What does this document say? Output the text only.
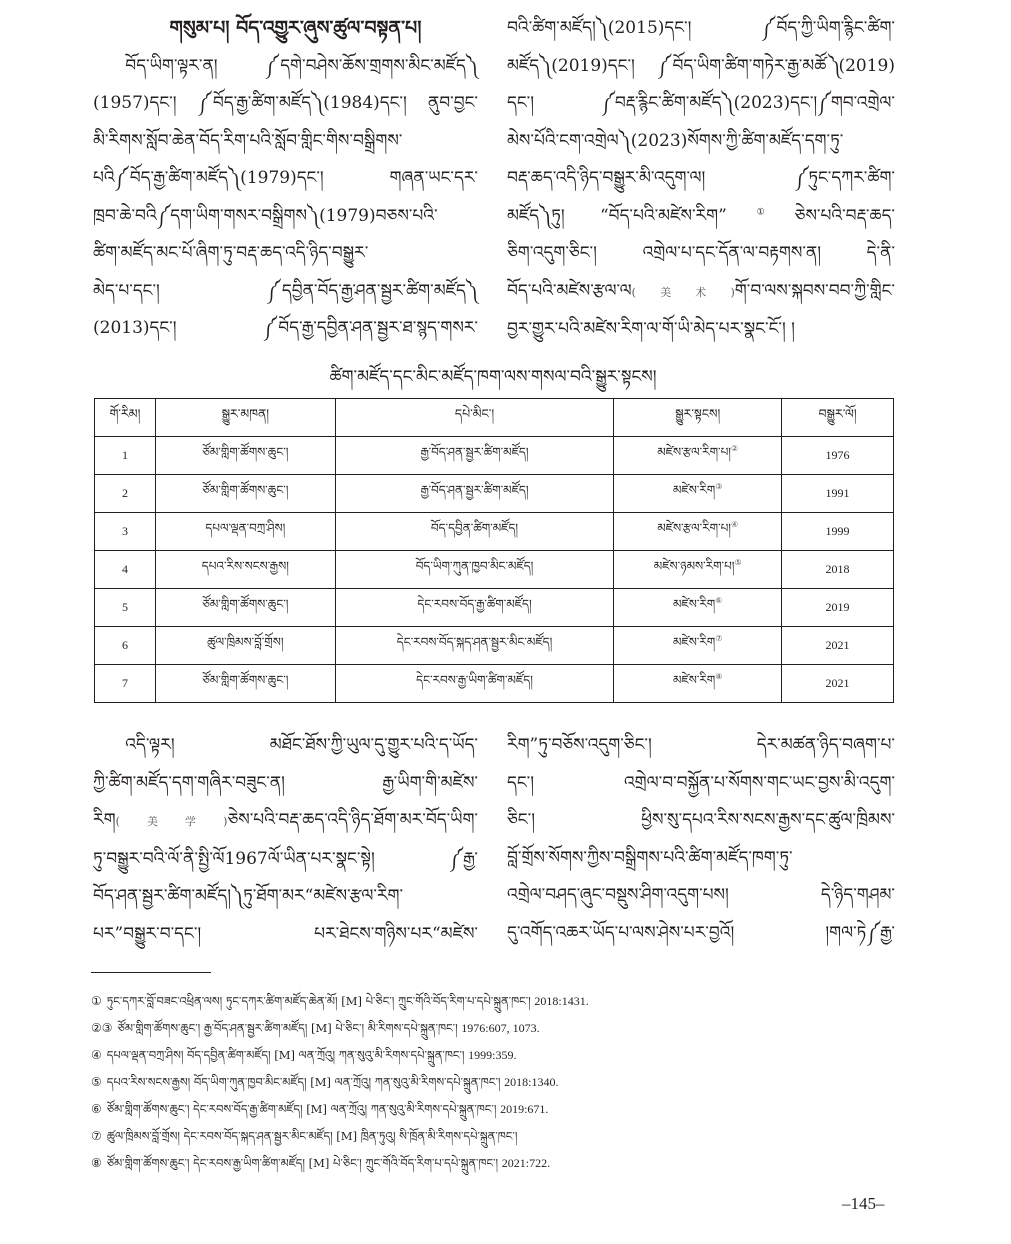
གསུམ་པ། བོད་འགྱུར་ཞུས་ཚུལ་བསྟན་པ།

བོད་ཡིག་ལྟར་ན། ༼དགེ་བཤེས་ཆོས་གྲགས་མིང་མཛོད༽

(1957)དང་། ༼བོད་རྒྱ་ཚིག་མཛོད༽(1984)དང་། ནུབ་བྱང་

མི་རིགས་སློབ་ཆེན་བོད་རིག་པའི་སློབ་གླིང་གིས་བསྒྲིགས་

པའི༼བོད་རྒྱ་ཚིག་མཛོད༽(1979)དང་། གཞན་ཡང་དར་

ཁྲབ་ཆེ་བའི༼དག་ཡིག་གསར་བསྒྲིགས༽(1979)བཅས་པའི་

ཚིག་མཛོད་མང་པོ་ཞིག་ཏུ་བརྡ་ཆད་འདི་ཉིད་བསྒྱུར་

མེད་པ་དང་། ༼དབྱིན་བོད་རྒྱ་ཤན་སྦྱར་ཚིག་མཛོད༽

(2013)དང་། ༼བོད་རྒྱ་དབྱིན་ཤན་སྦྱར་ཐ་སྙད་གསར་

བའི་ཚིག་མཛོད།༽(2015)དང་། ༼བོད་ཀྱི་ཡིག་རྙིང་ཚིག་

མཛོད༽(2019)དང་། ༼བོད་ཡིག་ཚིག་གཏེར་རྒྱ་མཚོ༽(2019)

དང་། ༼བརྡ་རྙིང་ཚིག་མཛོད༽(2023)དང་།༼གབ་འགྲེལ་

མེས་པོའི་ངག་འགྲེལ༽(2023)སོགས་ཀྱི་ཚིག་མཛོད་དག་ཏུ་

བརྡ་ཆད་འདི་ཉིད་བསྒྱུར་མི་འདུག་ལ། ༼ཏུང་དཀར་ཚིག་

མཛོད༽ཏུ། “བོད་པའི་མཛེས་རིག”①ཅེས་པའི་བརྡ་ཆད་

ཅིག་འདུག་ཅིང་། འགྲེལ་པ་དང་དོན་ལ་བརྟགས་ན། དེ་ནི་

བོད་པའི་མཛེས་རྩལ་ལ(美术)གོ་བ་ལས་སྐབས་བབ་ཀྱི་གླིང་

བྱར་གྱུར་པའི་མཛེས་རིག་ལ་གོ་ཡི་མེད་པར་སྣང་ངོ་། །

ཚིག་མཛོད་དང་མིང་མཛོད་ཁག་ལས་གསལ་བའི་སྒྱུར་སྟངས།
གོ་རིམ།	སྒྱུར་མཁན།	དཔེ་མིང་།	སྒྱུར་སྟངས།	བསྒྱུར་ལོ།
1	ཙོམ་གླིག་ཚོགས་ཆུང་།	རྒྱ་བོད་ཤན་སྦྱར་ཚིག་མཛོད།	མཛེས་རྩལ་རིག་པ།②	1976
2	ཙོམ་གླིག་ཚོགས་ཆུང་།	རྒྱ་བོད་ཤན་སྦྱར་ཚིག་མཛོད།	མཛེས་རིག③	1991
3	དཔལ་ལྡན་བཀྲ་ཤིས།	བོད་དབྱིན་ཚིག་མཛོད།	མཛེས་རྩལ་རིག་པ།④	1999
4	དཔའ་རིས་སངས་རྒྱས།	བོད་ཡིག་ཀུན་ཁྱབ་མིང་མཛོད།	མཛེས་ཉམས་རིག་པ།⑤	2018
5	ཙོམ་གླིག་ཚོགས་ཆུང་།	དེང་རབས་བོད་རྒྱ་ཚིག་མཛོད།	མཛེས་རིག⑥	2019
6	ཚུལ་ཁྲིམས་བློ་གྲོས།	དེང་རབས་བོད་སྐད་ཤན་སྦྱར་མིང་མཛོད།	མཛེས་རིག⑦	2021
7	ཙོམ་གླིག་ཚོགས་ཆུང་།	དེང་རབས་རྒྱ་ཡིག་ཚིག་མཛོད།	མཛེས་རིག⑧	2021

འདི་ལྟར། མཐོང་ཐོས་ཀྱི་ཡུལ་དུ་གྱུར་པའི་ད་ཡོད་

ཀྱི་ཚིག་མཛོད་དག་གཞིར་བཟུང་ན། རྒྱ་ཡིག་གི་མཛེས་

རིག(美学)ཅེས་པའི་བརྡ་ཆད་འདི་ཉིད་ཐོག་མར་བོད་ཡིག་

ཏུ་བསྒྱུར་བའི་ལོ་ནི་སྤྱི་ལོ1967ལོ་ཡིན་པར་སྣང་སྟེ། ༼རྒྱ་

བོད་ཤན་སྦྱར་ཚིག་མཛོད།༽ཏུ་ཐོག་མར“མཛེས་རྩལ་རིག་

པར”བསྒྱུར་བ་དང་། པར་ཐེངས་གཉིས་པར“མཛེས་

རིག”ཏུ་བཅོས་འདུག་ཅིང་། དེར་མཚན་ཉིད་བཞག་པ་

དང་། འགྲེལ་བ་བསྐྱོན་པ་སོགས་གང་ཡང་བྱས་མི་འདུག་

ཅིང་། ཕྱིས་སུ་དཔའ་རིས་སངས་རྒྱས་དང་ཚུལ་ཁྲིམས་

བློ་གྲོས་སོགས་ཀྱིས་བསྒྲིགས་པའི་ཚིག་མཛོད་ཁག་ཏུ་

འགྲེལ་བཤད་ཞུང་བསྡུས་ཤིག་འདུག་པས། དེ་ཉིད་གཤམ་

དུ་འགོད་འཆར་ཡོད་པ་ལས་ཤེས་པར་བྱའོ། །གལ་ཏེ༼རྒྱ་

① ཏུང་དཀར་བློ་བཟང་འཕྲིན་ལས། ཏུང་དཀར་ཚིག་མཛོད་ཆེན་མོ། [M] པེ་ཅིང་། ཀྲུང་གོའི་བོད་རིག་པ་དཔེ་སྐྲུན་ཁང་། 2018:1431.
②③ ཙོམ་གླིག་ཚོགས་ཆུང་། རྒྱ་བོད་ཤན་སྦྱར་ཚིག་མཛོད། [M] པེ་ཅིང་། མི་རིགས་དཔེ་སྐྲུན་ཁང་། 1976:607, 1073.
④ དཔལ་ལྡན་བཀྲ་ཤིས། བོད་དབྱིན་ཚིག་མཛོད། [M] ལན་ཀྲོའུ། ཀན་སུའུ་མི་རིགས་དཔེ་སྐྲུན་ཁང་། 1999:359.
⑤ དཔའ་རིས་སངས་རྒྱས། བོད་ཡིག་ཀུན་ཁྱབ་མིང་མཛོད། [M] ལན་ཀྲོའུ། ཀན་སུའུ་མི་རིགས་དཔེ་སྐྲུན་ཁང་། 2018:1340.
⑥ ཙོམ་གླིག་ཚོགས་ཆུང་། དེང་རབས་བོད་རྒྱ་ཚིག་མཛོད། [M] ལན་ཀྲོའུ། ཀན་སུའུ་མི་རིགས་དཔེ་སྐྲུན་ཁང་། 2019:671.
⑦ ཚུལ་ཁྲིམས་བློ་གྲོས། དེང་རབས་བོད་སྐད་ཤན་སྦྱར་མིང་མཛོད། [M] ཁྲིན་ཏུའུ། སི་ཁྲོན་མི་རིགས་དཔེ་སྐྲུན་ཁང་།
⑧ ཙོམ་གླིག་ཚོགས་ཆུང་། དེང་རབས་རྒྱ་ཡིག་ཚིག་མཛོད། [M] པེ་ཅིང་། ཀྲུང་གོའི་བོད་རིག་པ་དཔེ་སྐྲུན་ཁང་། 2021:722.
–145–
